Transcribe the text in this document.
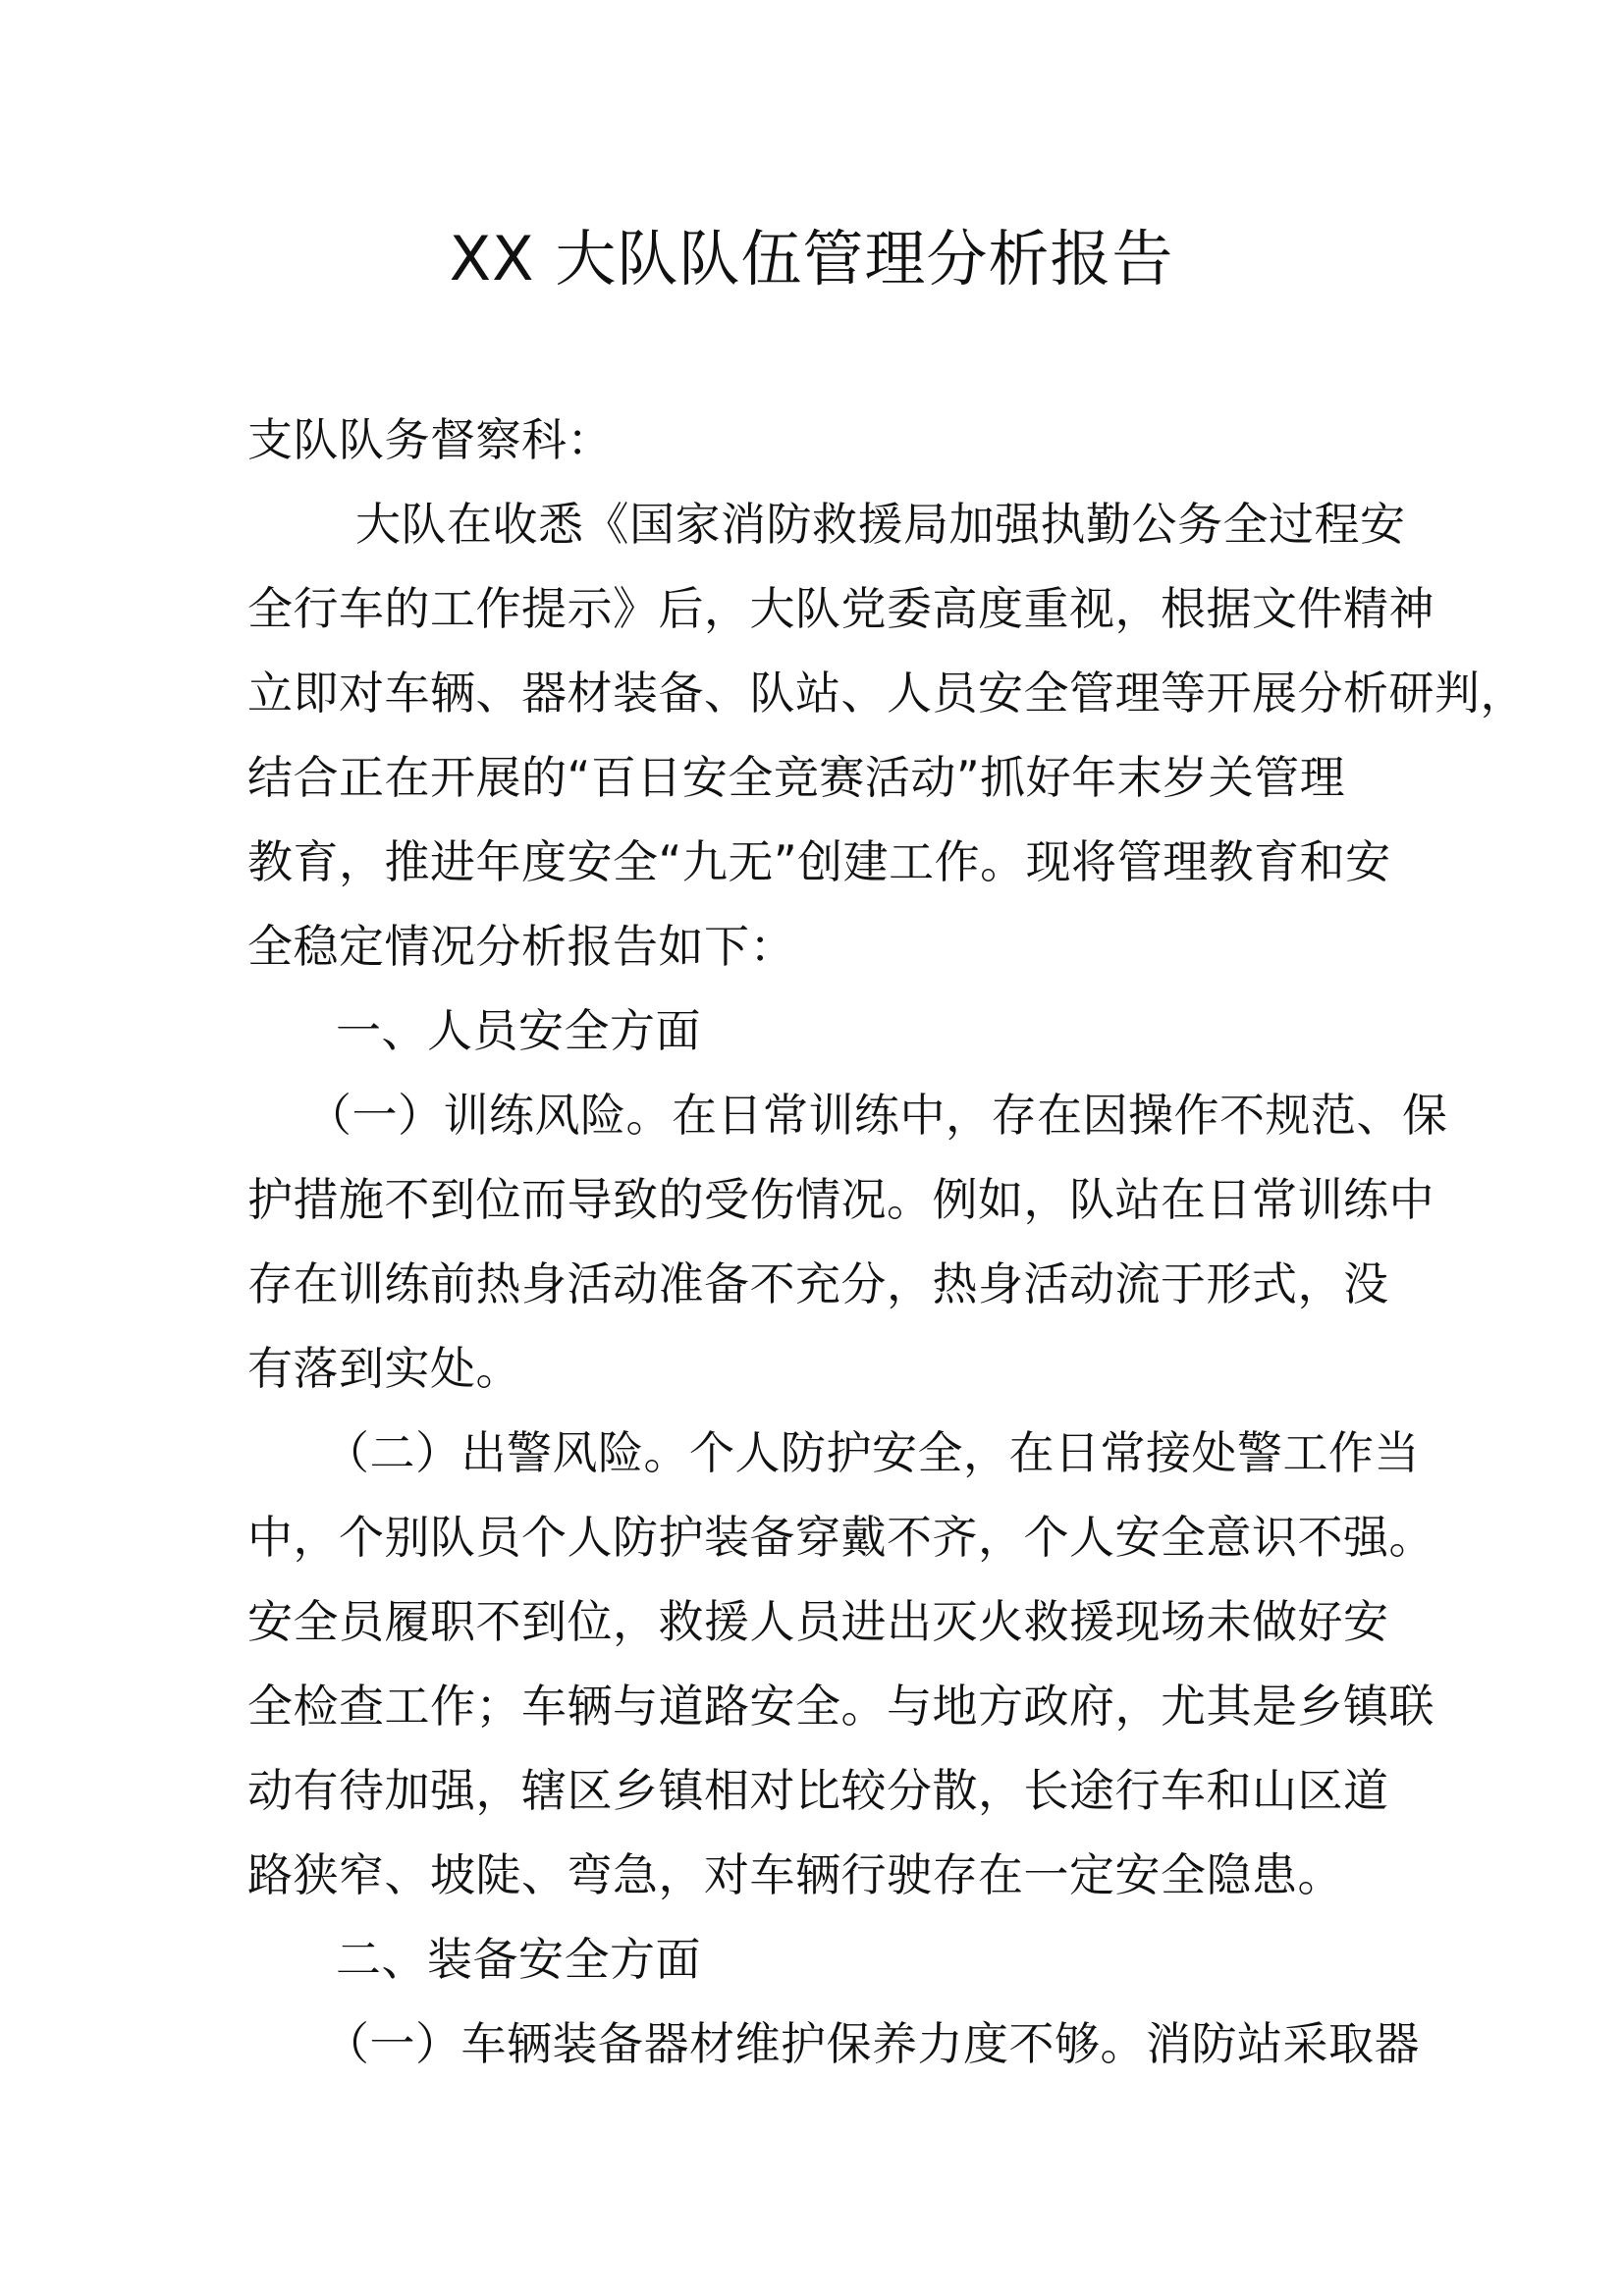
XX 大队队伍管理分析报告
支队队务督察科：
大队在收悉《国家消防救援局加强执勤公务全过程安
全行车的工作提示》后，大队党委高度重视，根据文件精神
立即对车辆、器材装备、队站、人员安全管理等开展分析研判，
结合正在开展的“百日安全竞赛活动”抓好年末岁关管理
教育，推进年度安全“九无”创建工作。现将管理教育和安
全稳定情况分析报告如下：
一、人员安全方面
（一）训练风险。在日常训练中，存在因操作不规范、保
护措施不到位而导致的受伤情况。例如，队站在日常训练中
存在训练前热身活动准备不充分，热身活动流于形式，没
有落到实处。
（二）出警风险。个人防护安全，在日常接处警工作当
中，个别队员个人防护装备穿戴不齐，个人安全意识不强。
安全员履职不到位，救援人员进出灭火救援现场未做好安
全检查工作；车辆与道路安全。与地方政府，尤其是乡镇联
动有待加强，辖区乡镇相对比较分散，长途行车和山区道
路狭窄、坡陡、弯急，对车辆行驶存在一定安全隐患。
二、装备安全方面
（一）车辆装备器材维护保养力度不够。消防站采取器
